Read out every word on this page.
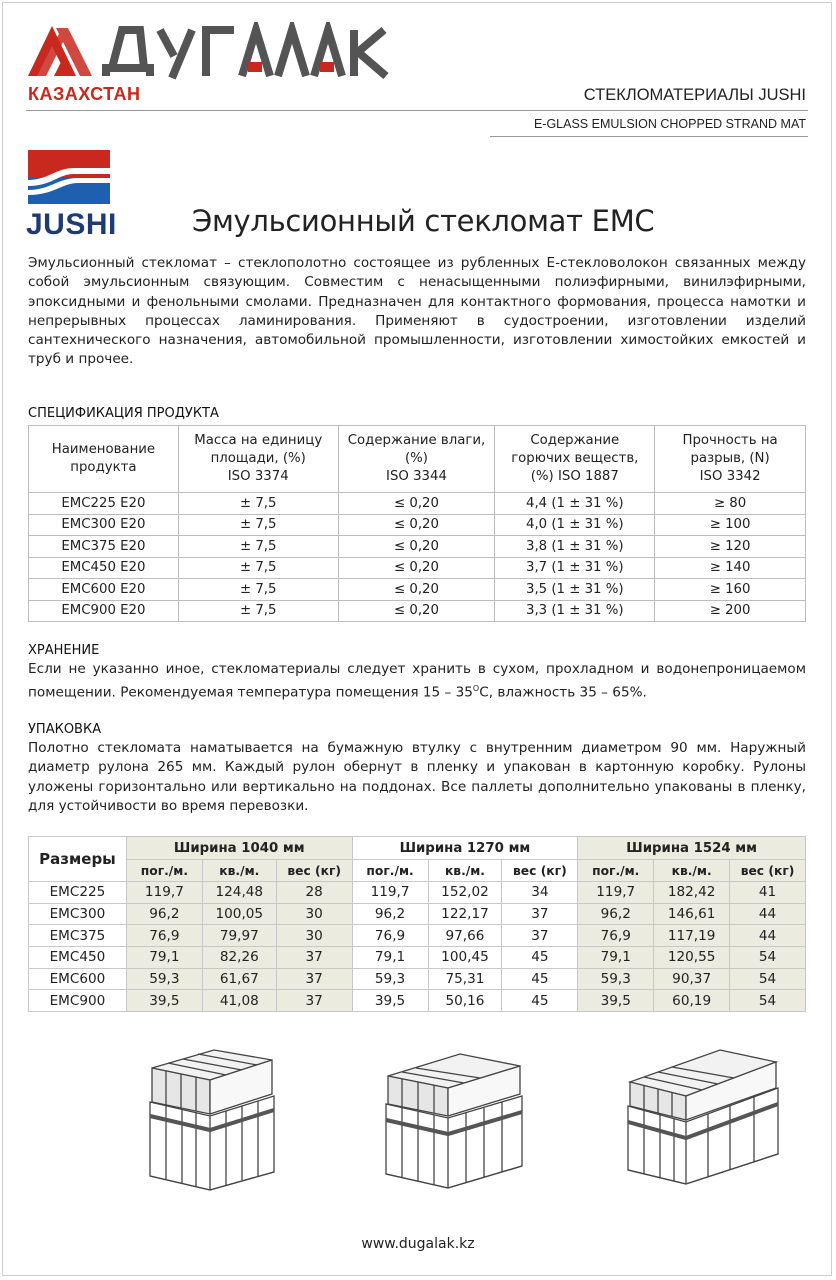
КАЗАХСТАН	СТЕКЛОМАТЕРИАЛЫ JUSHI
E-GLASS EMULSION CHOPPED STRAND MAT
JUSHI	Эмульсионный стекломат ЕМС

Эмульсионный стекломат – стеклополотно состоящее из рубленных Е-стекловолокон связанных между собой эмульсионным связующим. Совместим с ненасыщенными полиэфирными, винилэфирными, эпоксидными и фенольными смолами. Предназначен для контактного формования, процесса намотки и непрерывных процессах ламинирования. Применяют в судостроении, изготовлении изделий сантехнического назначения, автомобильной промышленности, изготовлении химостойких емкостей и труб и прочее.

СПЕЦИФИКАЦИЯ ПРОДУКТА
Наименование
продукта	Масса на единицу
площади, (%)
ISO 3374	Содержание влаги,
(%)
ISO 3344	Содержание
горючих веществ,
(%) ISO 1887	Прочность на
разрыв, (N)
ISO 3342
EMC225 E20	± 7,5	≤ 0,20	4,4 (1 ± 31 %)	≥ 80
EMC300 E20	± 7,5	≤ 0,20	4,0 (1 ± 31 %)	≥ 100
EMC375 E20	± 7,5	≤ 0,20	3,8 (1 ± 31 %)	≥ 120
EMC450 E20	± 7,5	≤ 0,20	3,7 (1 ± 31 %)	≥ 140
EMC600 E20	± 7,5	≤ 0,20	3,5 (1 ± 31 %)	≥ 160
EMC900 E20	± 7,5	≤ 0,20	3,3 (1 ± 31 %)	≥ 200
ХРАНЕНИЕ

Если не указанно иное, стекломатериалы следует хранить в сухом, прохладном и водонепроницаемом помещении. Рекомендуемая температура помещения $15 - 35^OC$, влажность 35 – 65%.

УПАКОВКА

Полотно стекломата наматывается на бумажную втулку с внутренним диаметром 90 мм. Наружный диаметр рулона 265 мм. Каждый рулон обернут в пленку и упакован в картонную коробку. Рулоны уложены горизонтально или вертикально на поддонах. Все паллеты дополнительно упакованы в пленку, для устойчивости во время перевозки.

Размеры	Ширина 1040 мм			Ширина 1270 мм			Ширина 1524 мм		
	пог./м.	кв./м.	вес (кг)	пог./м.	кв./м.	вес (кг)	пог./м.	кв./м.	вес (кг)
EMC225	119,7	124,48	28	119,7	152,02	34	119,7	182,42	41
EMC300	96,2	100,05	30	96,2	122,17	37	96,2	146,61	44
EMC375	76,9	79,97	30	76,9	97,66	37	76,9	117,19	44
EMC450	79,1	82,26	37	79,1	100,45	45	79,1	120,55	54
EMC600	59,3	61,67	37	59,3	75,31	45	59,3	90,37	54
EMC900	39,5	41,08	37	39,5	50,16	45	39,5	60,19	54
www.dugalak.kz
